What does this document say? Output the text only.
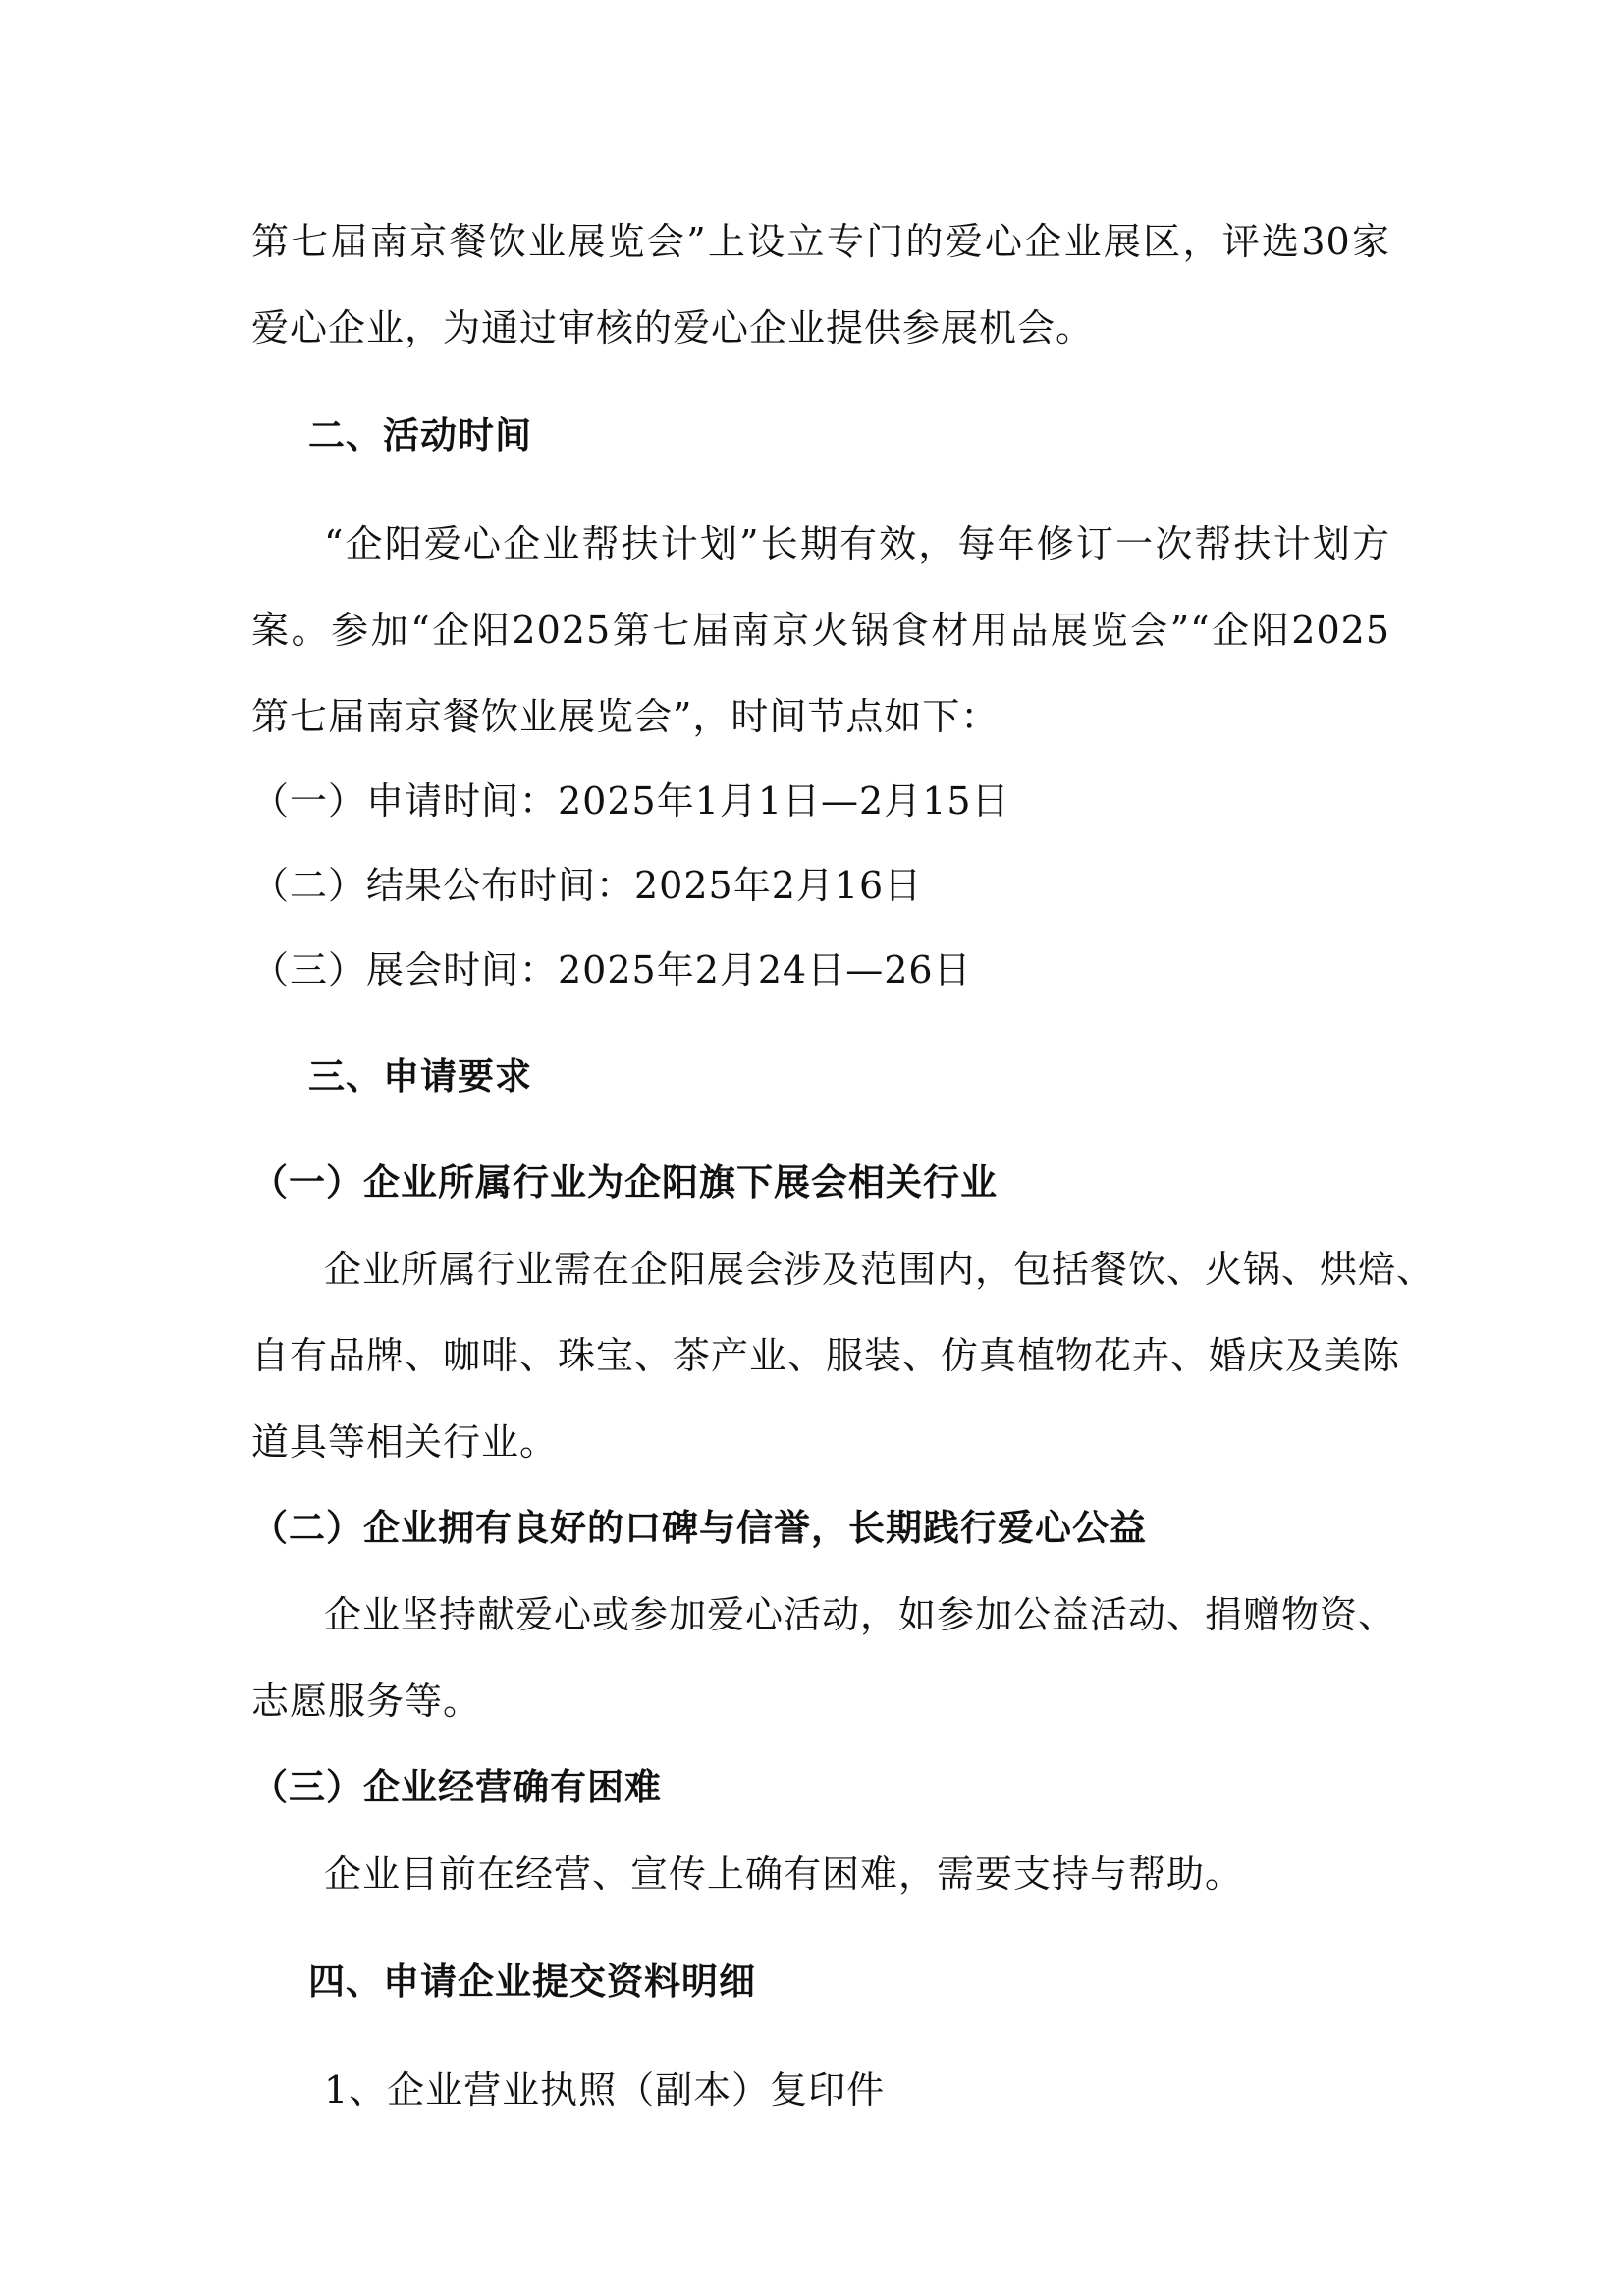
第七届南京餐饮业展览会”上设立专门的爱心企业展区，评选30家
爱心企业，为通过审核的爱心企业提供参展机会。
二、活动时间
“企阳爱心企业帮扶计划”长期有效，每年修订一次帮扶计划方
案。参加“企阳2025第七届南京火锅食材用品展览会”“企阳2025
第七届南京餐饮业展览会”，时间节点如下：
（一）申请时间：2025年1月1日—2月15日
（二）结果公布时间：2025年2月16日
（三）展会时间：2025年2月24日—26日
三、申请要求
（一）企业所属行业为企阳旗下展会相关行业
企业所属行业需在企阳展会涉及范围内，包括餐饮、火锅、烘焙、
自有品牌、咖啡、珠宝、茶产业、服装、仿真植物花卉、婚庆及美陈
道具等相关行业。
（二）企业拥有良好的口碑与信誉，长期践行爱心公益
企业坚持献爱心或参加爱心活动，如参加公益活动、捐赠物资、
志愿服务等。
（三）企业经营确有困难
企业目前在经营、宣传上确有困难，需要支持与帮助。
四、申请企业提交资料明细
1、企业营业执照（副本）复印件
